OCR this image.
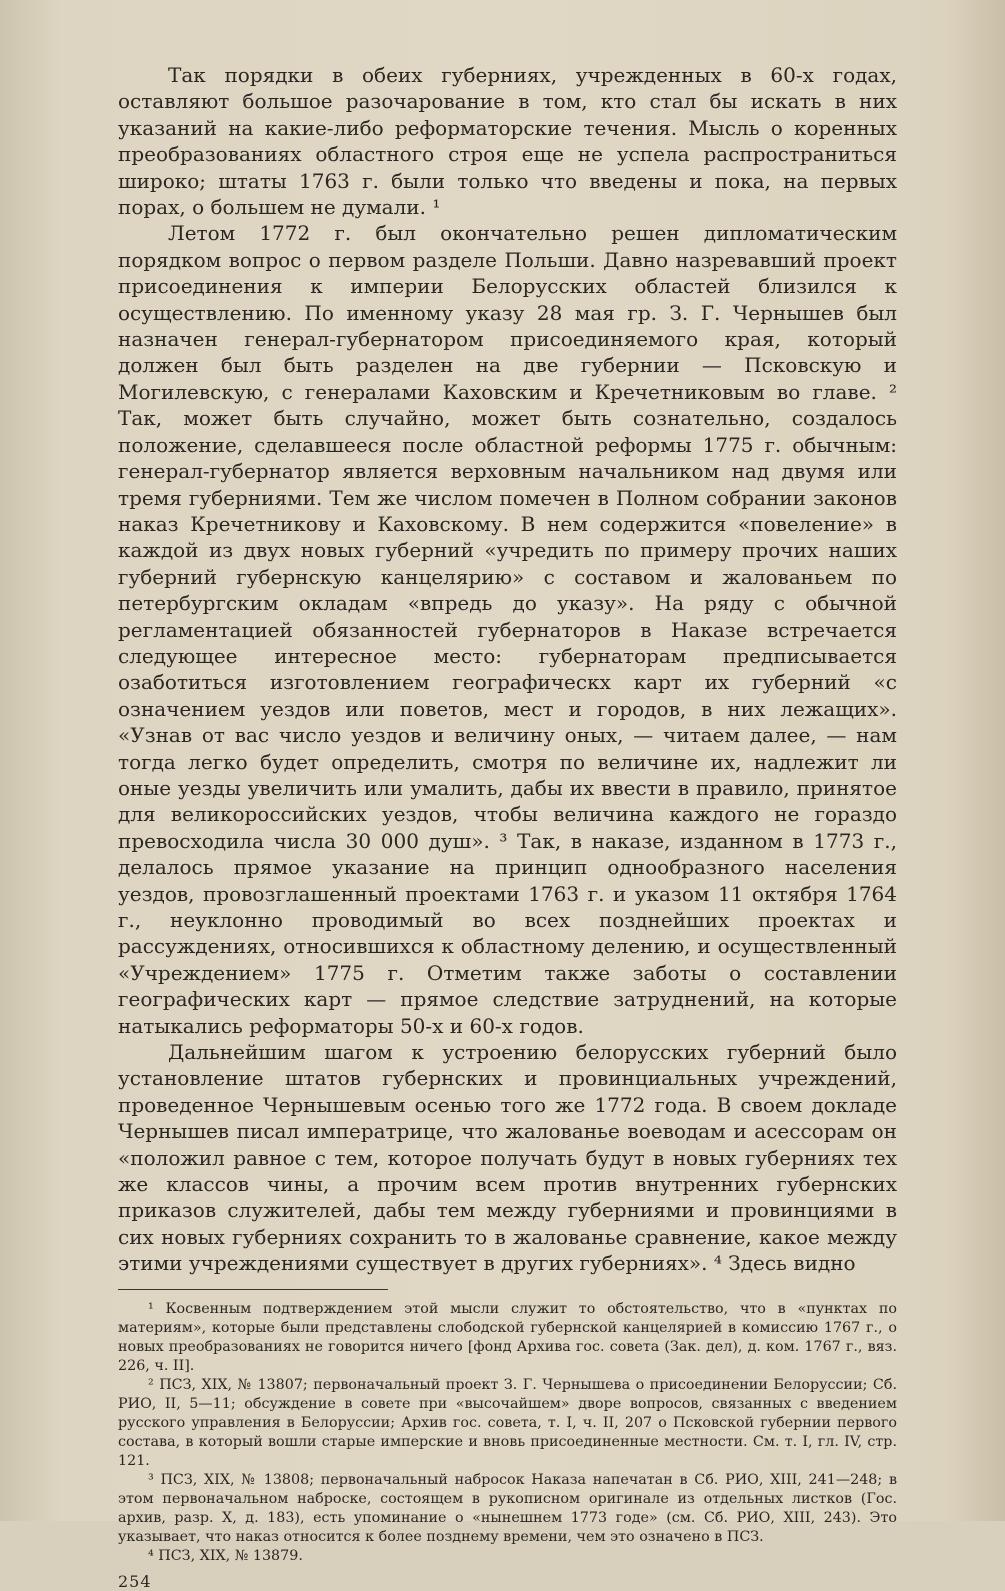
Так порядки в обеих губерниях, учрежденных в 60-х годах, оставляют большое разочарование в том, кто стал бы искать в них указаний на какие-либо реформаторские течения. Мысль о коренных преобразованиях областного строя еще не успела распространиться широко; штаты 1763 г. были только что введены и пока, на первых порах, о большем не думали. ¹

Летом 1772 г. был окончательно решен дипломатическим порядком вопрос о первом разделе Польши. Давно назревавший проект присоединения к империи Белорусских областей близился к осуществлению. По именному указу 28 мая гр. З. Г. Чернышев был назначен генерал-губернатором присоединяемого края, который должен был быть разделен на две губернии — Псковскую и Могилевскую, с генералами Каховским и Кречетниковым во главе. ² Так, может быть случайно, может быть сознательно, создалось положение, сделавшееся после областной реформы 1775 г. обычным: генерал-губернатор является верховным начальником над двумя или тремя губерниями. Тем же числом помечен в Полном собрании законов наказ Кречетникову и Каховскому. В нем содержится «повеление» в каждой из двух новых губерний «учредить по примеру прочих наших губерний губернскую канцелярию» с составом и жалованьем по петербургским окладам «впредь до указу». На ряду с обычной регламентацией обязанностей губернаторов в Наказе встречается следующее интересное место: губернаторам предписывается озаботиться изготовлением географическх карт их губерний «с означением уездов или поветов, мест и городов, в них лежащих». «Узнав от вас число уездов и величину оных, — читаем далее, — нам тогда легко будет определить, смотря по величине их, надлежит ли оные уезды увеличить или умалить, дабы их ввести в правило, принятое для великороссийских уездов, чтобы величина каждого не гораздо превосходила числа 30 000 душ». ³ Так, в наказе, изданном в 1773 г., делалось прямое указание на принцип однообразного населения уездов, провозглашенный проектами 1763 г. и указом 11 октября 1764 г., неуклонно проводимый во всех позднейших проектах и рассуждениях, относившихся к областному делению, и осуществленный «Учреждением» 1775 г. Отметим также заботы о составлении географических карт — прямое следствие затруднений, на которые натыкались реформаторы 50-х и 60-х годов.

Дальнейшим шагом к устроению белорусских губерний было установление штатов губернских и провинциальных учреждений, проведенное Чернышевым осенью того же 1772 года. В своем докладе Чернышев писал императрице, что жалованье воеводам и асессорам он «положил равное с тем, которое получать будут в новых губерниях тех же классов чины, а прочим всем против внутренних губернских приказов служителей, дабы тем между губерниями и провинциями в сих новых губерниях сохранить то в жалованье сравнение, какое между этими учреждениями существует в других губерниях». ⁴ Здесь видно

¹ Косвенным подтверждением этой мысли служит то обстоятельство, что в «пунктах по материям», которые были представлены слободской губернской канцелярией в комиссию 1767 г., о новых преобразованиях не говорится ничего [фонд Архива гос. совета (Зак. дел), д. ком. 1767 г., вяз. 226, ч. II].

² ПСЗ, XIX, № 13807; первоначальный проект З. Г. Чернышева о присоединении Белоруссии; Сб. РИО, II, 5—11; обсуждение в совете при «высочайшем» дворе вопросов, связанных с введением русского управления в Белоруссии; Архив гос. совета, т. I, ч. II, 207 о Псковской губернии первого состава, в который вошли старые имперские и вновь присоединенные местности. См. т. I, гл. IV, стр. 121.

³ ПСЗ, XIX, № 13808; первоначальный набросок Наказа напечатан в Сб. РИО, XIII, 241—248; в этом первоначальном наброске, состоящем в рукописном оригинале из отдельных листков (Гос. архив, разр. X, д. 183), есть упоминание о «нынешнем 1773 годе» (см. Сб. РИО, XIII, 243). Это указывает, что наказ относится к более позднему времени, чем это означено в ПСЗ.

⁴ ПСЗ, XIX, № 13879.

254
